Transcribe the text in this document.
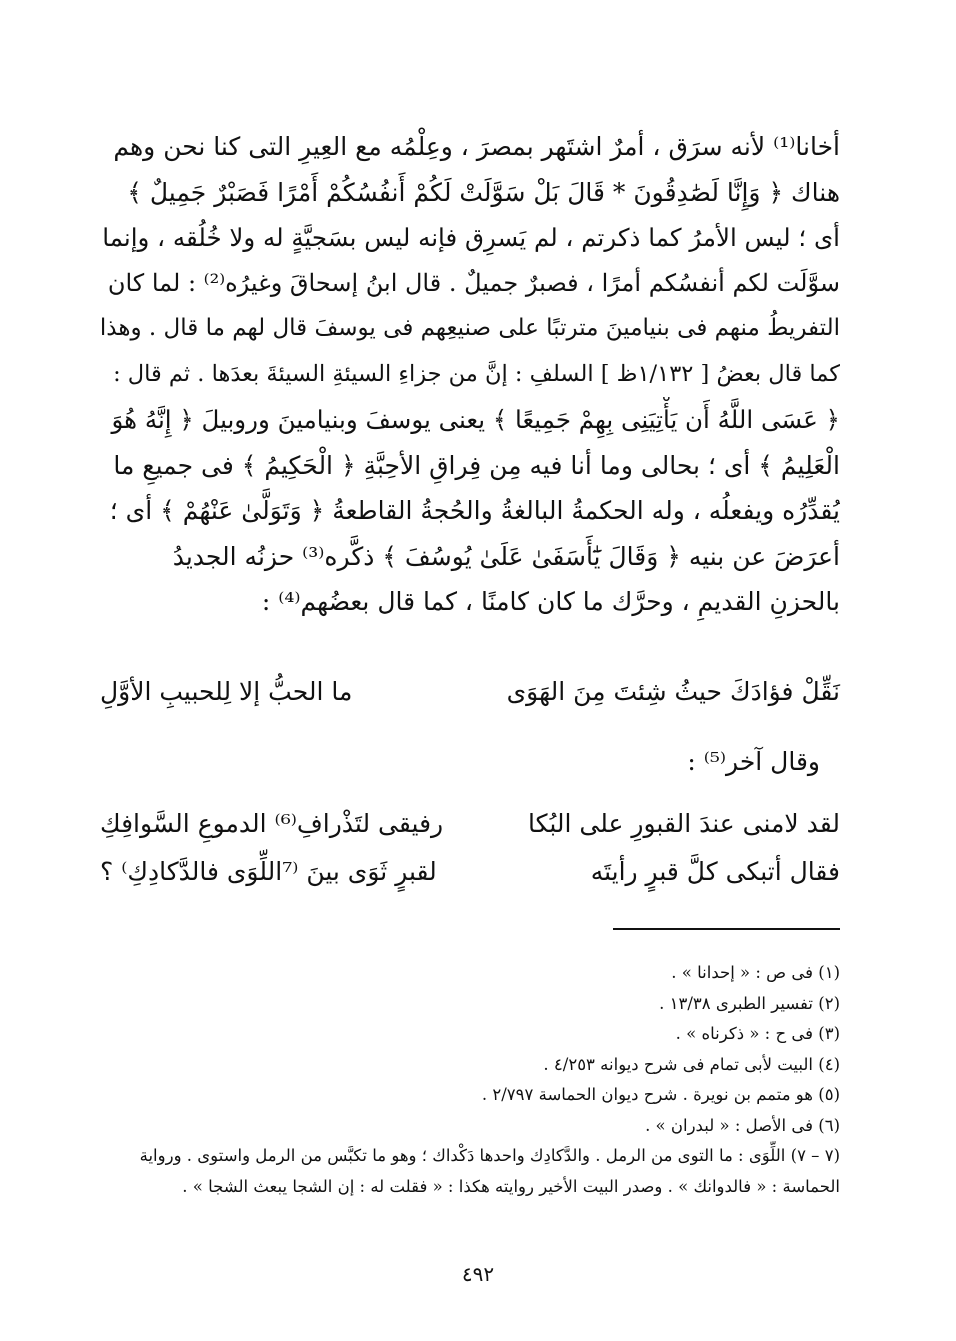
أخانا⁽¹⁾ لأنه سرَق ، أمرٌ اشتَهر بمصرَ ، وعِلْمُه مع العِيرِ التى كنا نحن وهم
هناك ﴿ وَإِنَّا لَصَٰدِقُونَ * قَالَ بَلْ سَوَّلَتْ لَكُمْ أَنفُسُكُمْ أَمْرًا فَصَبْرٌ جَمِيلٌ ﴾
أى ؛ ليس الأمرُ كما ذكرتم ، لم يَسرِق فإنه ليس بسَجيَّةٍ له ولا خُلُقه ، وإنما
سوَّلَت لكم أنفسُكم أمرًا ، فصبرٌ جميلٌ . قال ابنُ إسحاقَ وغيرُه⁽²⁾ : لما كان
التفريطُ منهم فى بنيامينَ مترتبًا على صنيعِهم فى يوسفَ قال لهم ما قال . وهذا
كما قال بعضُ [ ١/١٣٢ظ ] السلفِ : إنَّ من جزاءِ السيئةِ السيئةَ بعدَها . ثم قال :
﴿ عَسَى اللَّهُ أَن يَأْتِيَنِى بِهِمْ جَمِيعًا ﴾ يعنى يوسفَ وبنيامينَ وروبيلَ ﴿ إِنَّهُ هُوَ
الْعَلِيمُ ﴾ أى ؛ بحالى وما أنا فيه مِن فِراقِ الأحِبَّةِ ﴿ الْحَكِيمُ ﴾ فى جميعِ ما
يُقدِّرُه ويفعلُه ، وله الحكمةُ البالغةُ والحُجةُ القاطعةُ ﴿ وَتَوَلَّىٰ عَنْهُمْ ﴾ أى ؛
أعرَضَ عن بنيه ﴿ وَقَالَ يَٰٓأَسَفَىٰ عَلَىٰ يُوسُفَ ﴾ ذكَّره⁽³⁾ حزنُه الجديدُ
بالحزنِ القديمِ ، وحرَّك ما كان كامنًا ، كما قال بعضُهم⁽⁴⁾ :
نَقِّلْ فؤادَكَ حيثُ شِئتَ مِنَ الهَوَى
ما الحبُّ إلا لِلحبيبِ الأوَّلِ
وقال آخر⁽⁵⁾ :
لقد لامنى عندَ القبورِ على البُكا
رفيقى لتَذْرافِ⁽⁶⁾ الدموعِ السَّوافِكِ
فقال أتبكى كلَّ قبرٍ رأيتَه
لقبرٍ ثَوَى بينَ ⁽⁷اللِّوَى فالدَّكادِكِ⁾ ؟
(١) فى ص : « إحدانا » .
(٢) تفسير الطبرى ١٣/٣٨ .
(٣) فى ح : « ذكرناه » .
(٤) البيت لأبى تمام فى شرح ديوانه ٤/٢٥٣ .
(٥) هو متمم بن نويرة . شرح ديوان الحماسة ٢/٧٩٧ .
(٦) فى الأصل : « لبدران » .
(٧ – ٧) اللِّوَى : ما التوى من الرمل . والدَّكادِك واحدها دَكْداك ؛ وهو ما تكبَّس من الرمل واستوى . ورواية
الحماسة : « فالدوانك » . وصدر البيت الأخير روايته هكذا : « فقلت له : إن الشجا يبعث الشجا » .
٤٩٢
